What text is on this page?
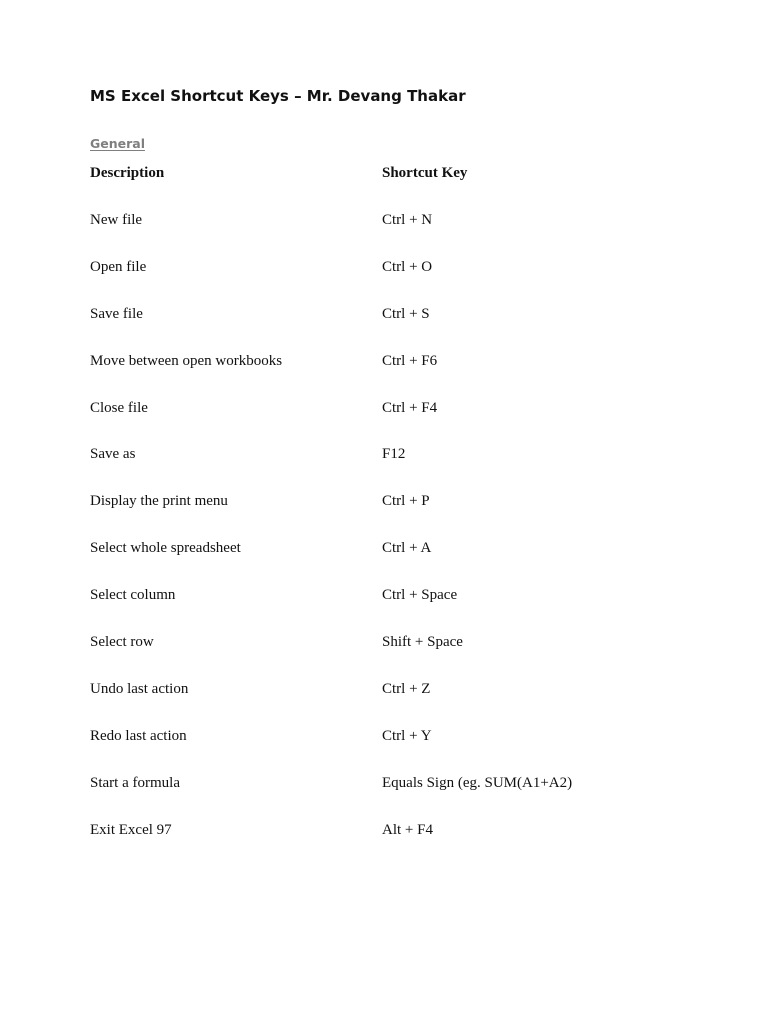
MS Excel Shortcut Keys – Mr. Devang Thakar
General
Description	Shortcut Key
New file	Ctrl + N
Open file	Ctrl + O
Save file	Ctrl + S
Move between open workbooks	Ctrl + F6
Close file	Ctrl + F4
Save as	F12
Display the print menu	Ctrl + P
Select whole spreadsheet	Ctrl + A
Select column	Ctrl + Space
Select row	Shift + Space
Undo last action	Ctrl + Z
Redo last action	Ctrl + Y
Start a formula	Equals Sign (eg. SUM(A1+A2)
Exit Excel 97	Alt + F4
